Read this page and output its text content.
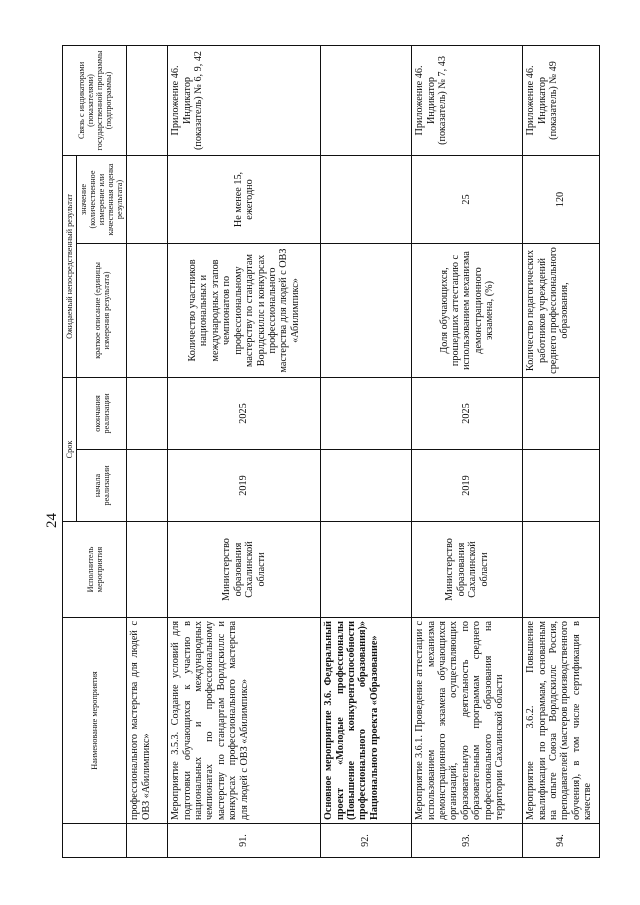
24
	Наименование мероприятия	Исполнитель мероприятия	Срок		Ожидаемый непосредственный результат		Связь с индикаторами (показателями) государственной программы (подпрограммы)
			начала реализации	окончания реализации	краткое описание (единицы измерения результата)	значение (количественное измерение или качественная оценка результата)	
	профессионального мастерства для людей с ОВЗ «Абилимпикс»						
91.	Мероприятие 3.5.3. Создание условий для подготовки обучающихся к участию в национальных и международных чемпионатах по профессиональному мастерству по стандартам Ворлдскиллс и конкурсах профессионального мастерства для людей с ОВЗ «Абилимпикс»	Министерство образования Сахалинской области	2019	2025	Количество участников национальных и международных этапов чемпионатов по профессиональному мастерству по стандартам Ворлдскиллс и конкурсах профессионального мастерства для людей с ОВЗ «Абилимпикс»	Не менее 15, ежегодно	Приложение 46. Индикатор (показатель) № 6, 9, 42
92.	Основное мероприятие 3.6. Федеральный проект «Молодые профессионалы (Повышение конкурентоспособности профессионального образования)» Национального проекта «Образование»						
93.	Мероприятие 3.6.1. Проведение аттестации с использованием механизма демонстрационного экзамена обучающихся организаций, осуществляющих образовательную деятельность по образовательным программам среднего профессионального образования на территории Сахалинской области	Министерство образования Сахалинской области	2019	2025	Доля обучающихся, прошедших аттестацию с использованием механизма демонстрационного экзамена, (%)	25	Приложение 46. Индикатор (показатель) № 7, 43
94.	Мероприятие 3.6.2. Повышение квалификации по программам, основанным на опыте Союза Ворлдскиллс Россия, преподавателей (мастеров производственного обучения), в том числе сертификация в качестве				Количество педагогических работников учреждений среднего профессионального образования,	120	Приложение 46. Индикатор (показатель) № 49
